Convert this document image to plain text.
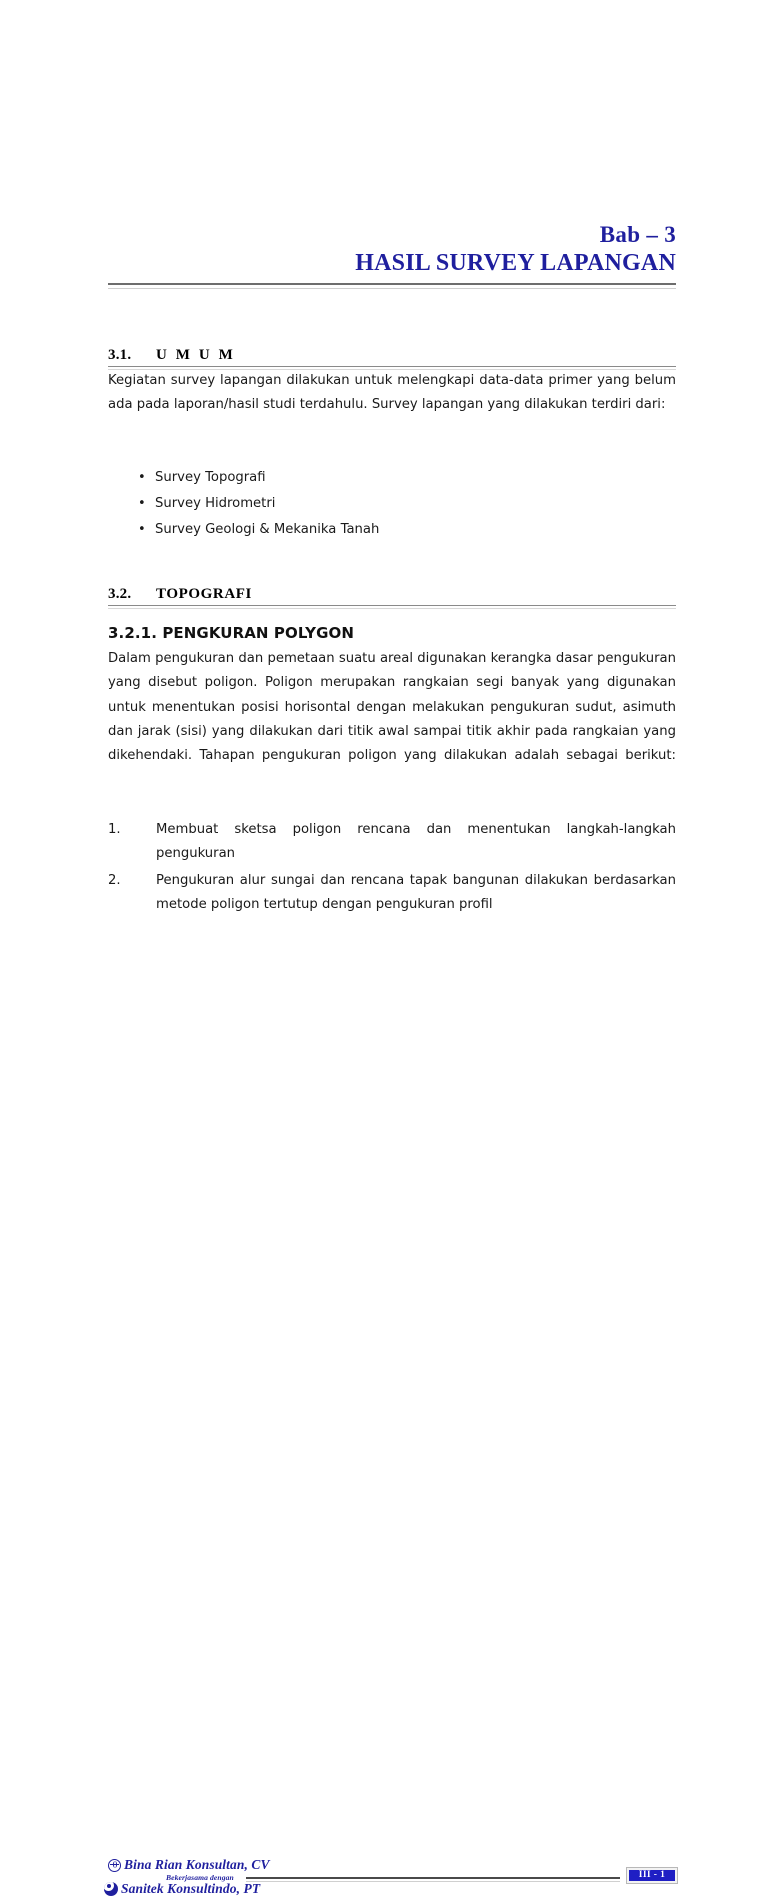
Bab – 3
HASIL SURVEY LAPANGAN
3.1. U M U M
Kegiatan survey lapangan dilakukan untuk melengkapi data-data primer yang belum ada pada laporan/hasil studi terdahulu. Survey lapangan yang dilakukan terdiri dari:
• Survey Topografi
• Survey Hidrometri
• Survey Geologi & Mekanika Tanah
3.2. TOPOGRAFI
3.2.1. PENGKURAN POLYGON
Dalam pengukuran dan pemetaan suatu areal digunakan kerangka dasar pengukuran yang disebut poligon. Poligon merupakan rangkaian segi banyak yang digunakan untuk menentukan posisi horisontal dengan melakukan pengukuran sudut, asimuth dan jarak (sisi) yang dilakukan dari titik awal sampai titik akhir pada rangkaian yang dikehendaki. Tahapan pengukuran poligon yang dilakukan adalah sebagai berikut:
1.	Membuat sketsa poligon rencana dan menentukan langkah-langkah pengukuran
2.	Pengukuran alur sungai dan rencana tapak bangunan dilakukan berdasarkan metode poligon tertutup dengan pengukuran profil
Bina Rian Konsultan, CV
Bekerjasama dengan
Sanitek Konsultindo, PT
III - 1
